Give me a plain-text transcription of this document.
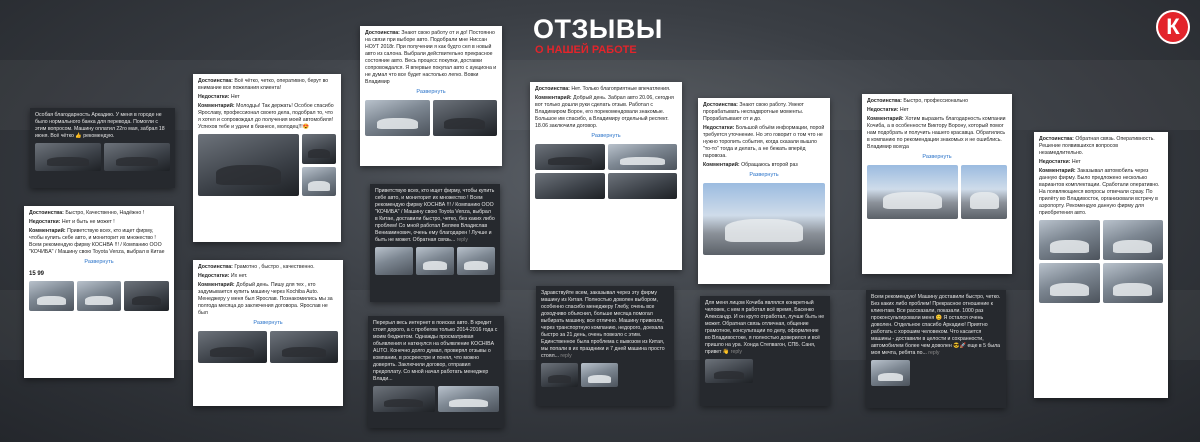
ОТЗЫВЫ
О НАШЕЙ РАБОТЕ
К

Особая благодарность Аркадию. У меня в городе не было нормального банка для перевода. Помогли с этим вопросом. Машину оплатил 22го мая, забрал 18 июня. Всё чётко 👍 рекомендую.

Достоинства: Быстро, Качественно, Надёжно !

Недостатки: Нет и быть не может !

Комментарий: Приветствую всех, кто ищет фирму, чтобы купить себе авто, и мониторит их множество ! Всем рекомендую фирму КОСНВА !!! / Компанию ООО "КОЧИБА" / Машину свою Toyota Venza, выбрал в Китае

Развернуть
15 99

Достоинства: Всё чётко, четко, оперативно, берут во внимание все пожелания клиента!

Недостатки: Нет

Комментарий: Молодцы! Так держать! Особое спасибо Ярославу, профессионал своего дела, подобрал то, что я хотел и сопровождал до получения моей автомобиля! Успехов тебе и удачи в бизнесе, молодец!!!😍

Достоинства: Грамотно , быстро , качественно.

Недостатки: Их нет.

Комментарий: Добрый день. Пишу для тех , кто задумывается купить машину через Kochiba Auto. Менеджеру у меня был Ярослав. Познакомились мы за полгода месяца до заключения договора. Ярослав не был

Развернуть

Достоинства: Знают свою работу от и до! Постоянно на связи при выборе авто. Подобрали мне Ниссан НОУТ 2018г. При получении я как будто сел в новый авто из салона. Выбрали действительно прекрасное состояние авто. Весь процесс покупки, доставки сопровождался. Я впервые покупал авто с аукциона и не думал что все будет настолько легко. Вовки Владимир

Развернуть

Приветствую всех, кто ищет фирму, чтобы купить себе авто, и мониторит их множество ! Всем рекомендую фирму КОСНВА !!! / Компанию ООО "КОЧИБА" / Машину свою Toyota Venza, выбрал в Китае, доставили быстро, четко, без каких либо проблем! Со мной работал Беляев Владислав Вениаминович, очень ему благодарен ! Лучше и быть не может. Обратная связь... reply

Перерыл весь интернет в поисках авто. В кредит стоит дорого, а с пробегом только 2014-2016 года с моим бюджетом. Однажды просматривая объявления и наткнулся на объявление KOCHIBA AUTO. Конечно долго думал, проверял отзывы о компании, в росреестре и понял, что можно доверять. Заключили договор, отправил предоплату. Со мной начал работать менеджер Влади...

Достоинства: Нет. Только благоприятные впечатления.

Комментарий: Добрый день. Забрал авто 20.06, сегодня вот только дошли руки сделать отзыв. Работал с Владимиром Ворон, его порекомендовали знакомые. Большое им спасибо, а Владимиру отдельный респект. 18.06 заключили договор.

Развернуть

Здравствуйте всем, заказывал через эту фирму машину из Китая. Полностью доволен выбором, особенно спасибо менеджеру Глебу, очень все доходчиво объяснил, больше месяца помогал выбирать машину, все отлично. Машину привезли, через транспортную компанию, недорого, доехала быстро за 21 день, очень повезло с этим. Единственное была проблема с вывозом из Китая, мы попали в их праздники и 7 дней машина просто стоял... reply

Достоинства: Знают свою работу. Умеют прорабатывать неспадвротные моменты. Прорабатывают от и до.

Недостатки: Большой объём информации, порой требуется уточнение. Но это говорит о том что не нужно торопить события, когда сказали вышло "то-то" тогда и делать, а не бежать вперёд паровоза.

Комментарий: Обращаюсь второй раз

Развернуть

Для меня лицом Кочиба являлся конкретный человек, с кем я работал всё время, Басенко Александр. И он круто отработал, лучше быть не может. Обратная связь отличная, общение грамотное, консультации по делу, оформление во Владивостоке, я полностью доверился и всё пришло на ура. Хонда Степвагон, СПБ. Саня, привет 👋 reply

Достоинства: Быстро, профессионально

Недостатки: Нет

Комментарий: Хотим выразить благодарность компании Кочиба, а в особенности Виктору Ворону, который помог нам подобрать и получить нашего красавца. Обратились в компанию по рекомендации знакомых и не ошиблись. Владимир всегда

Развернуть

Всем рекомендую! Машину доставили быстро, четко. Без каких либо проблем! Прекрасное отношение к клиентам. Все рассказали, показали. 1000 раз проконсультировали меня 😊 Я остался очень доволен. Отдельное спасибо Аркадию! Приятно работать с хорошим человеком. Что касается машины - доставили в целости и сохранности, автомобилем более чем доволен 😎🚀 еще в 5 была моя мечта, ребята по... reply

Достоинства: Обратная связь. Оперативность. Решение появившихся вопросов незамедлительно.

Недостатки: Нет

Комментарий: Заказывал автомобиль через данную фирму. Было предложено несколько вариантов комплектации. Сработали оперативно. На появляющиеся вопросы отвечали сразу. По прилёту во Владивосток, организовали встречу в аэропорту. Рекомендую данную фирму для приобретения авто.
